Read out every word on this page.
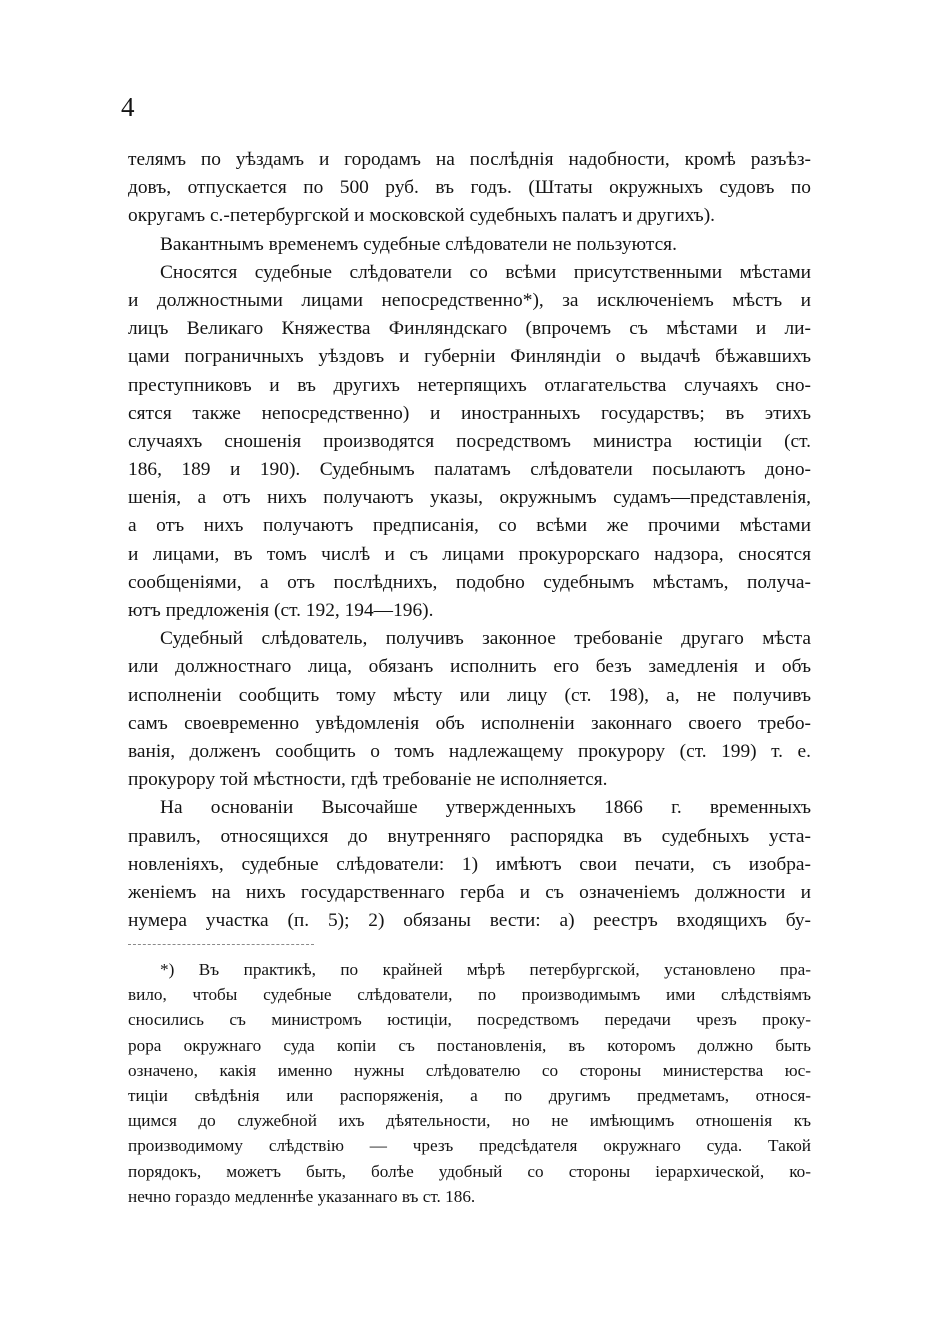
4
телямъ по уѣздамъ и городамъ на послѣднія надобности, кромѣ разъѣз-
довъ, отпускается по 500 руб. въ годъ. (Штаты окружныхъ судовъ по
округамъ с.-петербургской и московской судебныхъ палатъ и другихъ).
Вакантнымъ временемъ судебные слѣдователи не пользуются.
Сносятся судебные слѣдователи со всѣми присутственными мѣстами
и должностными лицами непосредственно*), за исключеніемъ мѣстъ и
лицъ Великаго Княжества Финляндскаго (впрочемъ съ мѣстами и ли-
цами пограничныхъ уѣздовъ и губерніи Финляндіи о выдачѣ бѣжавшихъ
преступниковъ и въ другихъ нетерпящихъ отлагательства случаяхъ сно-
сятся также непосредственно) и иностранныхъ государствъ; въ этихъ
случаяхъ сношенія производятся посредствомъ министра юстиціи (ст.
186, 189 и 190). Судебнымъ палатамъ слѣдователи посылаютъ доно-
шенія, а отъ нихъ получаютъ указы, окружнымъ судамъ—представленія,
а отъ нихъ получаютъ предписанія, со всѣми же прочими мѣстами
и лицами, въ томъ числѣ и съ лицами прокурорскаго надзора, сносятся
сообщеніями, а отъ послѣднихъ, подобно судебнымъ мѣстамъ, получа-
ютъ предложенія (ст. 192, 194—196).
Судебный слѣдователь, получивъ законное требованіе другаго мѣста
или должностнаго лица, обязанъ исполнить его безъ замедленія и объ
исполненіи сообщить тому мѣсту или лицу (ст. 198), а, не получивъ
самъ своевременно увѣдомленія объ исполненіи законнаго своего требо-
ванія, долженъ сообщить о томъ надлежащему прокурору (ст. 199) т. е.
прокурору той мѣстности, гдѣ требованіе не исполняется.
На основаніи Высочайше утвержденныхъ 1866 г. временныхъ
правилъ, относящихся до внутренняго распорядка въ судебныхъ уста-
новленіяхъ, судебные слѣдователи: 1) имѣютъ свои печати, съ изобра-
женіемъ на нихъ государственнаго герба и съ означеніемъ должности и
нумера участка (п. 5); 2) обязаны вести: а) реестръ входящихъ бу-
*) Въ практикѣ, по крайней мѣрѣ петербургской, установлено пра-
вило, чтобы судебные слѣдователи, по производимымъ ими слѣдствіямъ
сносились съ министромъ юстиціи, посредствомъ передачи чрезъ проку-
рора окружнаго суда копіи съ постановленія, въ которомъ должно быть
означено, какія именно нужны слѣдователю со стороны министерства юс-
тиціи свѣдѣнія или распоряженія, а по другимъ предметамъ, относя-
щимся до служебной ихъ дѣятельности, но не имѣющимъ отношенія къ
производимому слѣдствію — чрезъ предсѣдателя окружнаго суда. Такой
порядокъ, можетъ быть, болѣе удобный со стороны іерархической, ко-
нечно гораздо медленнѣе указаннаго въ ст. 186.
